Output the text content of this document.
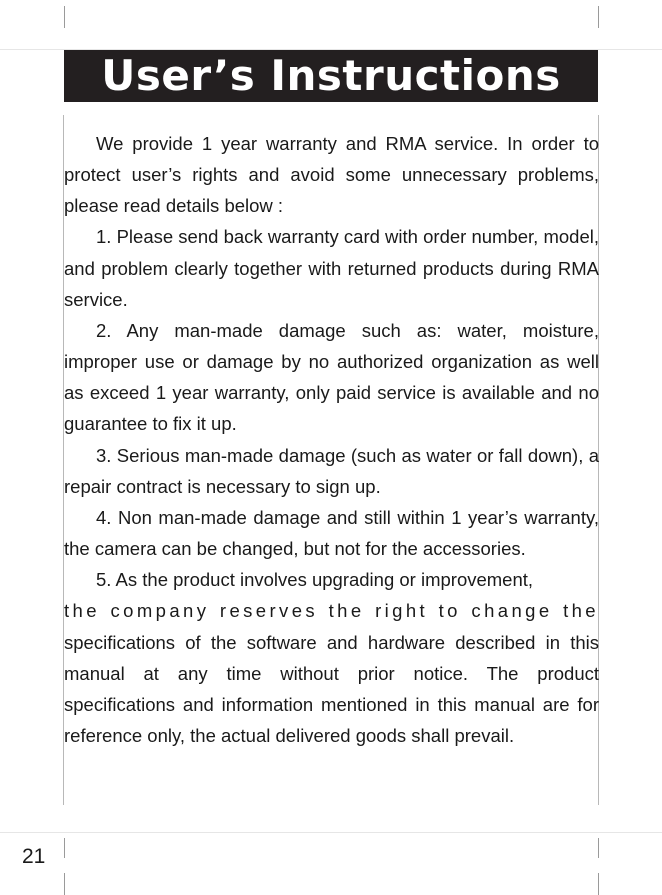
User’s Instructions

We provide 1 year warranty and RMA service. In order to protect user’s rights and avoid some unnecessary problems, please read details below :

1. Please send back warranty card with order number, model, and problem clearly together with returned products during RMA service.

2. Any man-made damage such as: water, moisture, improper use or damage by no authorized organization as well as exceed 1 year warranty, only paid service is available and no guarantee to fix it up.

3. Serious man-made damage (such as water or fall down), a repair contract is necessary to sign up.

4. Non man-made damage and still within 1 year’s warranty, the camera can be changed, but not for the accessories.

5. As the product involves upgrading or improvement,
the company reserves the right to change the specifications of the software and hardware described in this manual at any time without prior notice. The product specifications and information mentioned in this manual are for reference only, the actual delivered goods shall prevail.

21
